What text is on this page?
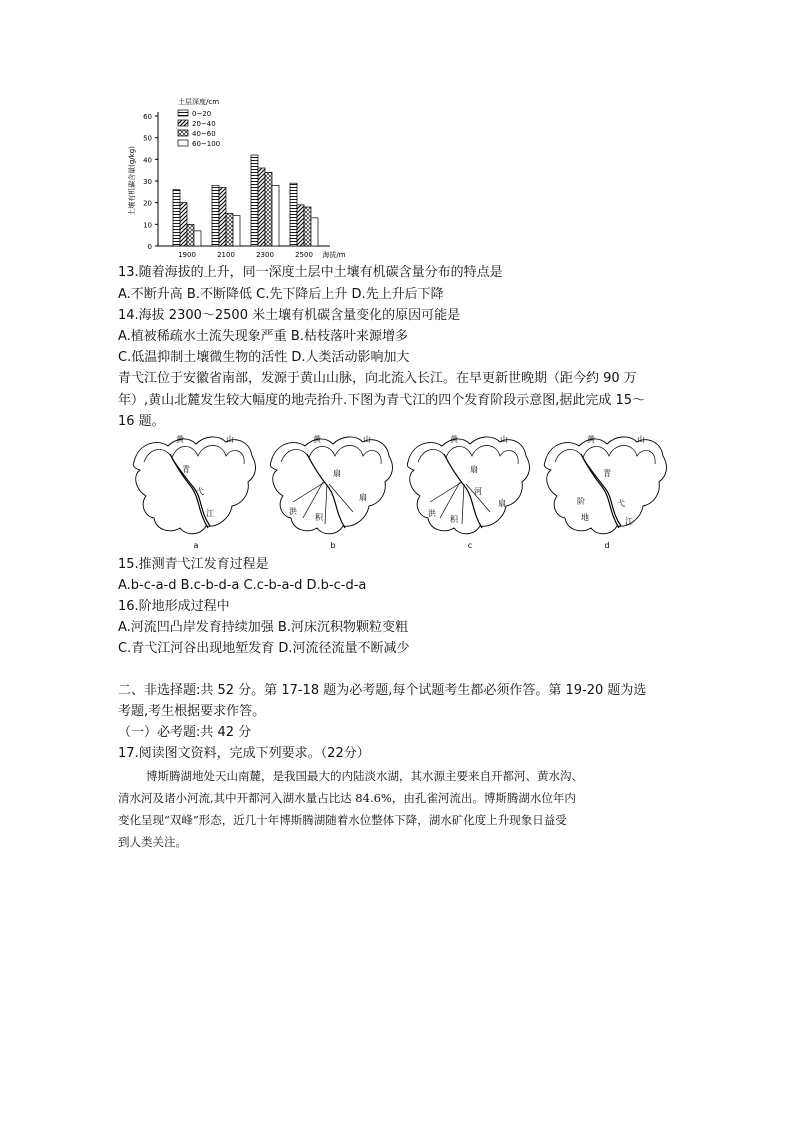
0
10
20
30
40
50
60
土壤有机碳含量(g/kg)
海拔/m
1900	2100	2300	2500
土层深度/cm
0~20
20~40
40~60
60~100
13.随着海拔的上升，同一深度土层中土壤有机碳含量分布的特点是
A.不断升高 B.不断降低 C.先下降后上升 D.先上升后下降
14.海拔 2300～2500 米土壤有机碳含量变化的原因可能是
A.植被稀疏水土流失现象严重 B.枯枝落叶来源增多
C.低温抑制土壤微生物的活性 D.人类活动影响加大
青弋江位于安徽省南部，发源于黄山山脉，向北流入长江。在早更新世晚期（距今约 90 万
年）,黄山北麓发生较大幅度的地壳抬升.下图为青弋江的四个发育阶段示意图,据此完成 15～
16 题。
黄	山
青
弋
江
a
黄	山
洪
积
扇
扇
b
黄	山
洪
积
河
扇
扇
c
黄	山
阶
地
青
弋
江
d
15.推测青弋江发育过程是
A.b-c-a-d B.c-b-d-a C.c-b-a-d D.b-c-d-a
16.阶地形成过程中
A.河流凹凸岸发育持续加强 B.河床沉积物颗粒变粗
C.青弋江河谷出现地堑发育 D.河流径流量不断减少
二、非选择题:共 52 分。第 17-18 题为必考题,每个试题考生都必须作答。第 19-20 题为选
考题,考生根据要求作答。
（一）必考题:共 42 分
17.阅读图文资料，完成下列要求。（22分）
博斯腾湖地处天山南麓，是我国最大的内陆淡水湖，其水源主要来自开都河、黄水沟、
清水河及诸小河流,其中开都河入湖水量占比达 84.6%，由孔雀河流出。博斯腾湖水位年内
变化呈现“双峰”形态，近几十年博斯腾湖随着水位整体下降，湖水矿化度上升现象日益受
到人类关注。
